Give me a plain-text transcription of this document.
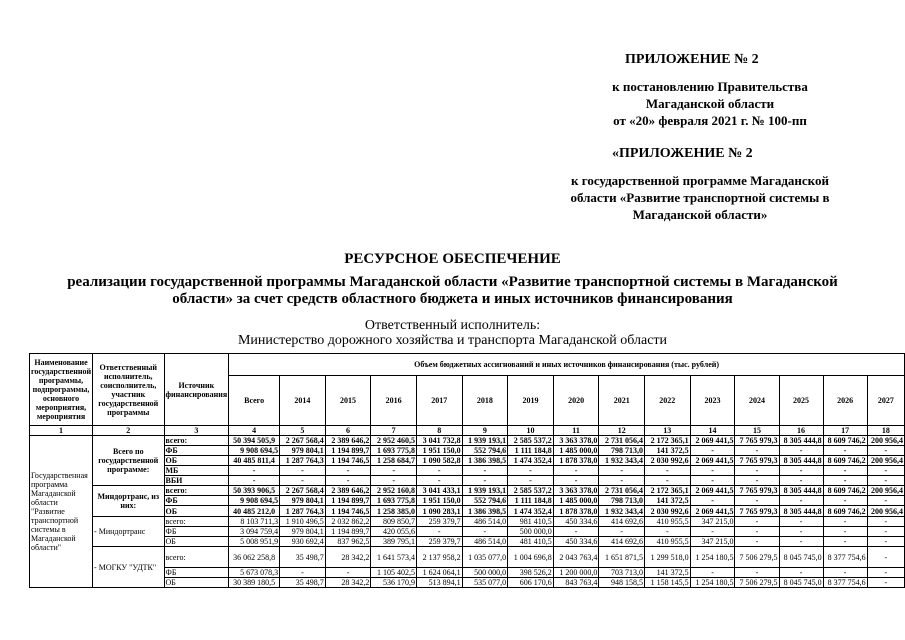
ПРИЛОЖЕНИЕ № 2
к постановлению Правительства
Магаданской области
от «20» февраля 2021 г. № 100-пп
«ПРИЛОЖЕНИЕ № 2
к государственной программе Магаданской
области «Развитие транспортной системы в
Магаданской области»
РЕСУРСНОЕ ОБЕСПЕЧЕНИЕ
реализации государственной программы Магаданской области «Развитие транспортной системы в Магаданской области» за счет средств областного бюджета и иных источников финансирования
Ответственный исполнитель:
Министерство дорожного хозяйства и транспорта Магаданской области
Наименование государственной программы, подпрограммы, основного мероприятия, мероприятия	Ответственный исполнитель, соисполнитель, участник государственной программы	Источник финансирования	Объем бюджетных ассигнований и иных источников финансирования (тыс. рублей)														
			Всего	2014	2015	2016	2017	2018	2019	2020	2021	2022	2023	2024	2025	2026	2027
1	2	3	4	5	6	7	8	9	10	11	12	13	14	15	16	17	18
Государственная программа Магаданской области "Развитие транспортной системы в Магаданской области"	Всего по государственной программе:	всего:	50 394 505,9	2 267 568,4	2 389 646,2	2 952 460,5	3 041 732,8	1 939 193,1	2 585 537,2	3 363 378,0	2 731 056,4	2 172 365,1	2 069 441,5	7 765 979,3	8 305 444,8	8 609 746,2	200 956,4
		ФБ	9 908 694,5	979 804,1	1 194 899,7	1 693 775,8	1 951 150,0	552 794,6	1 111 184,8	1 485 000,0	798 713,0	141 372,5	-	-	-	-	-
		ОБ	40 485 811,4	1 287 764,3	1 194 746,5	1 258 684,7	1 090 582,8	1 386 398,5	1 474 352,4	1 878 378,0	1 932 343,4	2 030 992,6	2 069 441,5	7 765 979,3	8 305 444,8	8 609 746,2	200 956,4
		МБ	-	-	-	-	-	-	-	-	-	-	-	-	-	-	-
		ВБИ	-	-	-	-	-	-	-	-	-	-	-	-	-	-	-
	Миндортранс, из них:	всего:	50 393 906,5	2 267 568,4	2 389 646,2	2 952 160,8	3 041 433,1	1 939 193,1	2 585 537,2	3 363 378,0	2 731 056,4	2 172 365,1	2 069 441,5	7 765 979,3	8 305 444,8	8 609 746,2	200 956,4
		ФБ	9 908 694,5	979 804,1	1 194 899,7	1 693 775,8	1 951 150,0	552 794,6	1 111 184,8	1 485 000,0	798 713,0	141 372,5	-	-	-	-	-
		ОБ	40 485 212,0	1 287 764,3	1 194 746,5	1 258 385,0	1 090 283,1	1 386 398,5	1 474 352,4	1 878 378,0	1 932 343,4	2 030 992,6	2 069 441,5	7 765 979,3	8 305 444,8	8 609 746,2	200 956,4
	- Миндортранс	всего:	8 103 711,3	1 910 496,5	2 032 862,2	809 850,7	259 379,7	486 514,0	981 410,5	450 334,6	414 692,6	410 955,5	347 215,0	-	-	-	-
		ФБ	3 094 759,4	979 804,1	1 194 899,7	420 055,6	-	-	500 000,0	-	-	-	-	-	-	-	-
		ОБ	5 008 951,9	930 692,4	837 962,5	389 795,1	259 379,7	486 514,0	481 410,5	450 334,6	414 692,6	410 955,5	347 215,0	-	-	-	-
	- МОГКУ "УДТК"	всего:	36 062 258,8	35 498,7	28 342,2	1 641 573,4	2 137 958,2	1 035 077,0	1 004 696,8	2 043 763,4	1 651 871,5	1 299 518,0	1 254 180,5	7 506 279,5	8 045 745,0	8 377 754,6	-
		ФБ	5 673 078,3	-	-	1 105 402,5	1 624 064,1	500 000,0	398 526,2	1 200 000,0	703 713,0	141 372,5	-	-	-	-	-
		ОБ	30 389 180,5	35 498,7	28 342,2	536 170,9	513 894,1	535 077,0	606 170,6	843 763,4	948 158,5	1 158 145,5	1 254 180,5	7 506 279,5	8 045 745,0	8 377 754,6	-
